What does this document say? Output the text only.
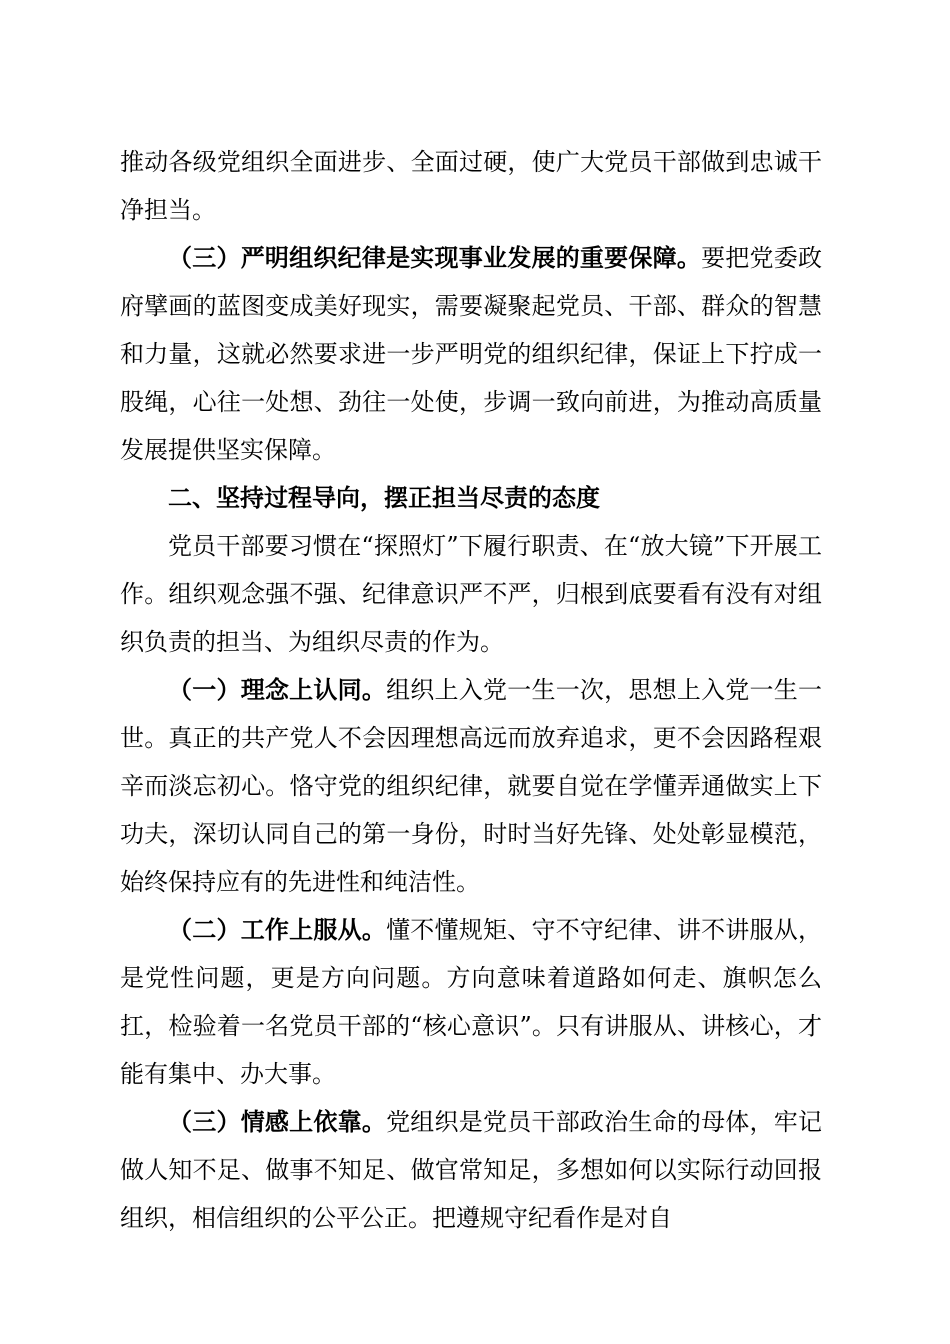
推动各级党组织全面进步、全面过硬，使广大党员干部做到忠诚干净担当。

（三）严明组织纪律是实现事业发展的重要保障。要把党委政府擘画的蓝图变成美好现实，需要凝聚起党员、干部、群众的智慧和力量，这就必然要求进一步严明党的组织纪律，保证上下拧成一股绳，心往一处想、劲往一处使，步调一致向前进，为推动高质量发展提供坚实保障。

二、坚持过程导向，摆正担当尽责的态度

党员干部要习惯在“探照灯”下履行职责、在“放大镜”下开展工作。组织观念强不强、纪律意识严不严，归根到底要看有没有对组织负责的担当、为组织尽责的作为。

（一）理念上认同。组织上入党一生一次，思想上入党一生一世。真正的共产党人不会因理想高远而放弃追求，更不会因路程艰辛而淡忘初心。恪守党的组织纪律，就要自觉在学懂弄通做实上下功夫，深切认同自己的第一身份，时时当好先锋、处处彰显模范，始终保持应有的先进性和纯洁性。

（二）工作上服从。懂不懂规矩、守不守纪律、讲不讲服从，是党性问题，更是方向问题。方向意味着道路如何走、旗帜怎么扛，检验着一名党员干部的“核心意识”。只有讲服从、讲核心，才能有集中、办大事。

（三）情感上依靠。党组织是党员干部政治生命的母体，牢记做人知不足、做事不知足、做官常知足，多想如何以实际行动回报组织，相信组织的公平公正。把遵规守纪看作是对自
